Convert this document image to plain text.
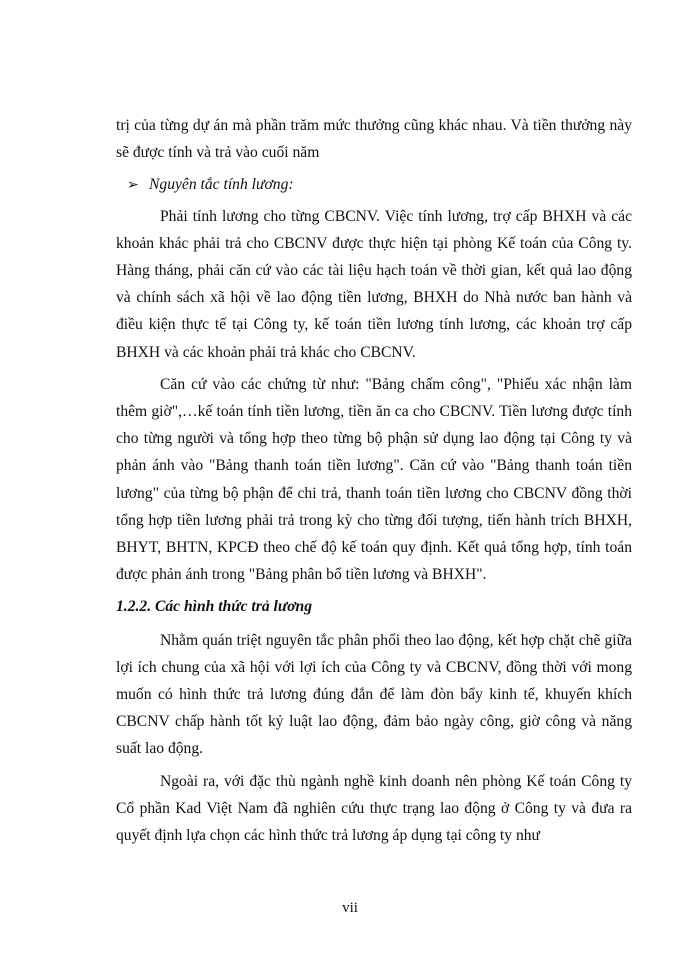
trị của từng dự án mà phần trăm mức thưởng cũng khác nhau. Và tiền thưởng này sẽ được tính và trả vào cuối năm

➢ Nguyên tắc tính lương:

Phải tính lương cho từng CBCNV. Việc tính lương, trợ cấp BHXH và các khoản khác phải trả cho CBCNV được thực hiện tại phòng Kế toán của Công ty. Hàng tháng, phải căn cứ vào các tài liệu hạch toán về thời gian, kết quả lao động và chính sách xã hội về lao động tiền lương, BHXH do Nhà nước ban hành và điều kiện thực tế tại Công ty, kế toán tiền lương tính lương, các khoản trợ cấp BHXH và các khoản phải trả khác cho CBCNV.

Căn cứ vào các chứng từ như: "Bảng chấm công", "Phiếu xác nhận làm thêm giờ",…kế toán tính tiền lương, tiền ăn ca cho CBCNV. Tiền lương được tính cho từng người và tổng hợp theo từng bộ phận sử dụng lao động tại Công ty và phản ánh vào "Bảng thanh toán tiền lương". Căn cứ vào "Bảng thanh toán tiền lương" của từng bộ phận để chi trả, thanh toán tiền lương cho CBCNV đồng thời tổng hợp tiền lương phải trả trong kỳ cho từng đối tượng, tiến hành trích BHXH, BHYT, BHTN, KPCĐ theo chế độ kế toán quy định. Kết quả tổng hợp, tính toán được phản ánh trong "Bảng phân bổ tiền lương và BHXH".

1.2.2. Các hình thức trả lương

Nhằm quán triệt nguyên tắc phân phối theo lao động, kết hợp chặt chẽ giữa lợi ích chung của xã hội với lợi ích của Công ty và CBCNV, đồng thời với mong muốn có hình thức trả lương đúng đắn để làm đòn bẩy kinh tế, khuyến khích CBCNV chấp hành tốt kỷ luật lao động, đảm bảo ngày công, giờ công và năng suất lao động.

Ngoài ra, với đặc thù ngành nghề kinh doanh nên phòng Kế toán Công ty Cổ phần Kad Việt Nam đã nghiên cứu thực trạng lao động ở Công ty và đưa ra quyết định lựa chọn các hình thức trả lương áp dụng tại công ty như

vii
